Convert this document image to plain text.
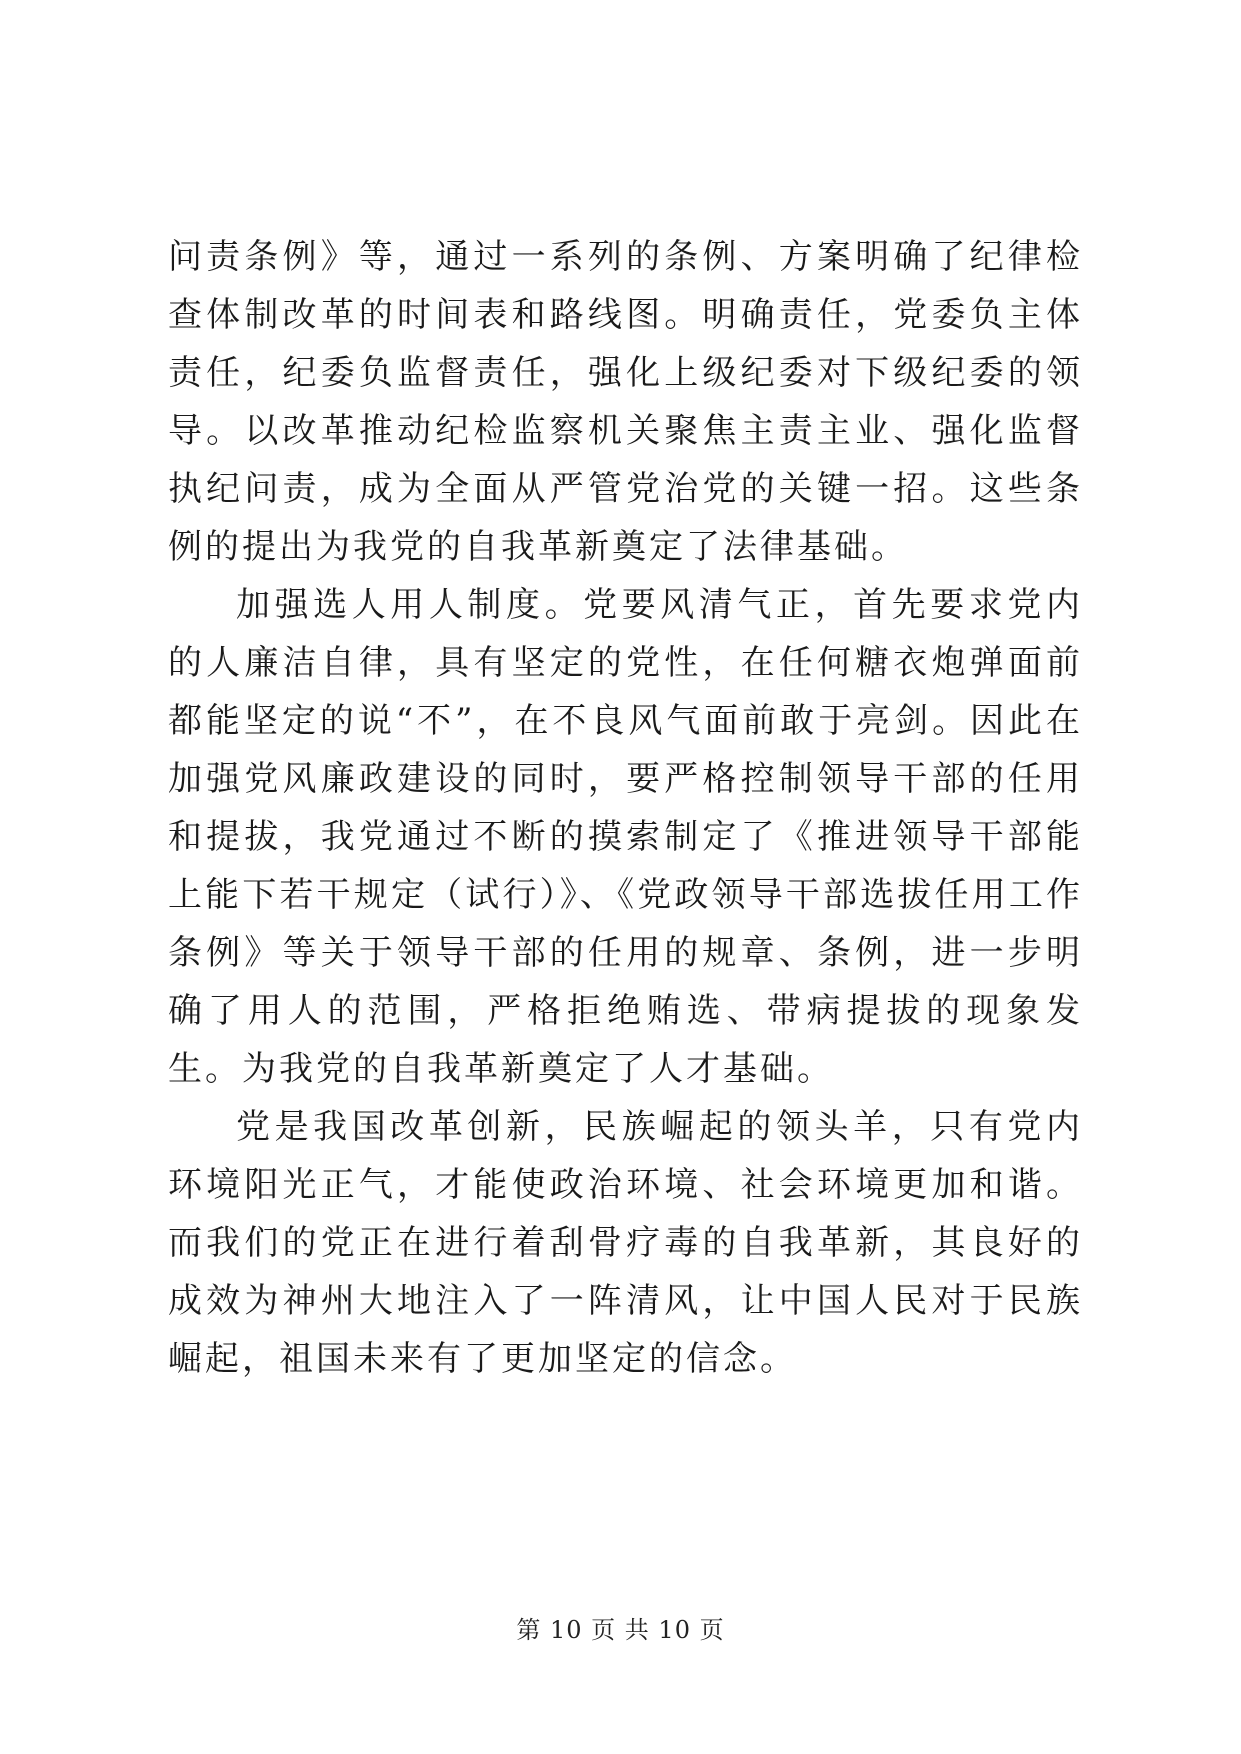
问责条例》等，通过一系列的条例、方案明确了纪律检查体制改革的时间表和路线图。明确责任，党委负主体责任，纪委负监督责任，强化上级纪委对下级纪委的领导。以改革推动纪检监察机关聚焦主责主业、强化监督执纪问责，成为全面从严管党治党的关键一招。这些条例的提出为我党的自我革新奠定了法律基础。

加强选人用人制度。党要风清气正，首先要求党内的人廉洁自律，具有坚定的党性，在任何糖衣炮弹面前都能坚定的说“不”，在不良风气面前敢于亮剑。因此在加强党风廉政建设的同时，要严格控制领导干部的任用和提拔，我党通过不断的摸索制定了《推进领导干部能上能下若干规定（试行）》、《党政领导干部选拔任用工作条例》等关于领导干部的任用的规章、条例，进一步明确了用人的范围，严格拒绝贿选、带病提拔的现象发生。为我党的自我革新奠定了人才基础。

党是我国改革创新，民族崛起的领头羊，只有党内环境阳光正气，才能使政治环境、社会环境更加和谐。而我们的党正在进行着刮骨疗毒的自我革新，其良好的成效为神州大地注入了一阵清风，让中国人民对于民族崛起，祖国未来有了更加坚定的信念。

第 10 页 共 10 页
